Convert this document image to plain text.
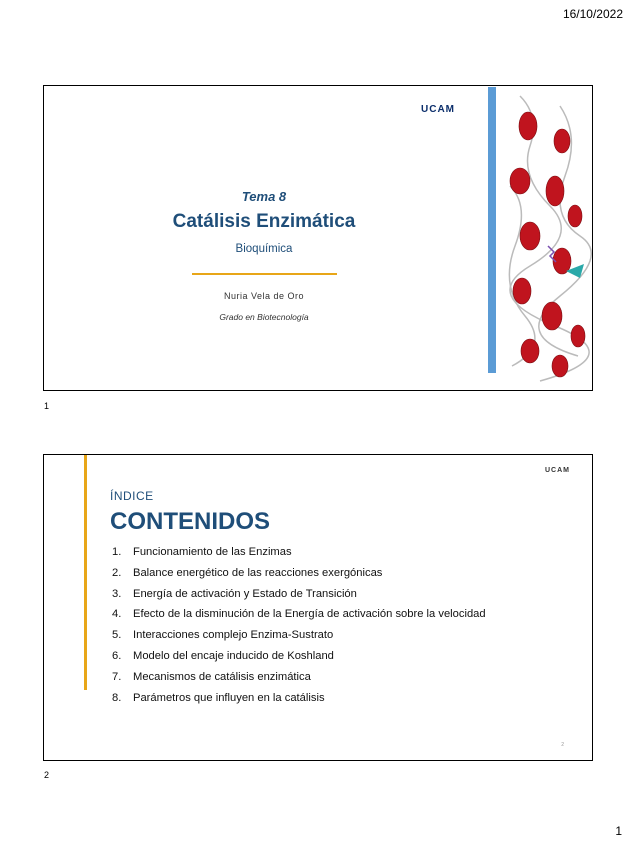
16/10/2022
UCAM
Tema 8
Catálisis Enzimática
Bioquímica
Nuria Vela de Oro
Grado en Biotecnología
1
UCAM
ÍNDICE
CONTENIDOS
1. Funcionamiento de las Enzimas
2. Balance energético de las reacciones exergónicas
3. Energía de activación y Estado de Transición
4. Efecto de la disminución de la Energía de activación sobre la velocidad
5. Interacciones complejo Enzima-Sustrato
6. Modelo del encaje inducido de Koshland
7. Mecanismos de catálisis enzimática
8. Parámetros que influyen en la catálisis
2
2
1
